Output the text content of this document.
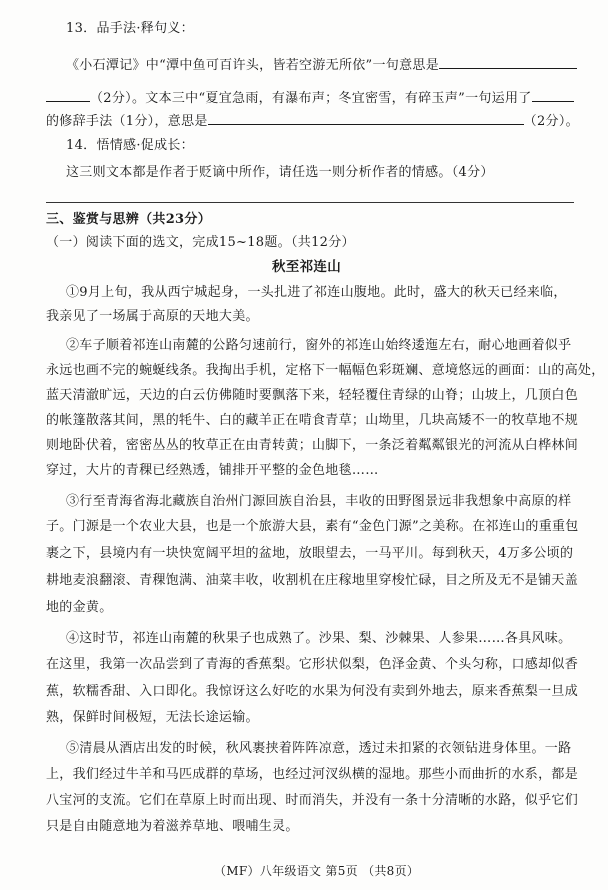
13．品手法·释句义：
《小石潭记》中“潭中鱼可百许头，皆若空游无所依”一句意思是
（2分）。文本三中“夏宜急雨，有瀑布声；冬宜密雪，有碎玉声”一句运用了
的修辞手法（1分），意思是	（2分）。
14．悟情感·促成长：
这三则文本都是作者于贬谪中所作，请任选一则分析作者的情感。（4分）
三、鉴赏与思辨（共23分）
（一）阅读下面的选文，完成15~18题。（共12分）
秋至祁连山
①9月上旬，我从西宁城起身，一头扎进了祁连山腹地。此时，盛大的秋天已经来临，
我亲见了一场属于高原的天地大美。
②车子顺着祁连山南麓的公路匀速前行，窗外的祁连山始终逶迤左右，耐心地画着似乎
永远也画不完的蜿蜒线条。我掏出手机，定格下一幅幅色彩斑斓、意境悠远的画面：山的高处，
蓝天清澈旷远，天边的白云仿佛随时要飘落下来，轻轻覆住青绿的山脊；山坡上，几顶白色
的帐篷散落其间，黑的牦牛、白的藏羊正在啃食青草；山坳里，几块高矮不一的牧草地不规
则地卧伏着，密密丛丛的牧草正在由青转黄；山脚下，一条泛着粼粼银光的河流从白桦林间
穿过，大片的青稞已经熟透，铺排开平整的金色地毯……
③行至青海省海北藏族自治州门源回族自治县，丰收的田野图景远非我想象中高原的样
子。门源是一个农业大县，也是一个旅游大县，素有“金色门源”之美称。在祁连山的重重包
裹之下，县境内有一块快宽阔平坦的盆地，放眼望去，一马平川。每到秋天，4万多公顷的
耕地麦浪翻滚、青稞饱满、油菜丰收，收割机在庄稼地里穿梭忙碌，目之所及无不是铺天盖
地的金黄。
④这时节，祁连山南麓的秋果子也成熟了。沙果、梨、沙棘果、人参果……各具风味。
在这里，我第一次品尝到了青海的香蕉梨。它形状似梨，色泽金黄、个头匀称，口感却似香
蕉，软糯香甜、入口即化。我惊讶这么好吃的水果为何没有卖到外地去，原来香蕉梨一旦成
熟，保鲜时间极短，无法长途运输。
⑤清晨从酒店出发的时候，秋风裹挟着阵阵凉意，透过未扣紧的衣领钻进身体里。一路
上，我们经过牛羊和马匹成群的草场，也经过河汊纵横的湿地。那些小而曲折的水系，都是
八宝河的支流。它们在草原上时而出现、时而消失，并没有一条十分清晰的水路，似乎它们
只是自由随意地为着滋养草地、喂哺生灵。
（MF）八年级语文 第5页 （共8页）
